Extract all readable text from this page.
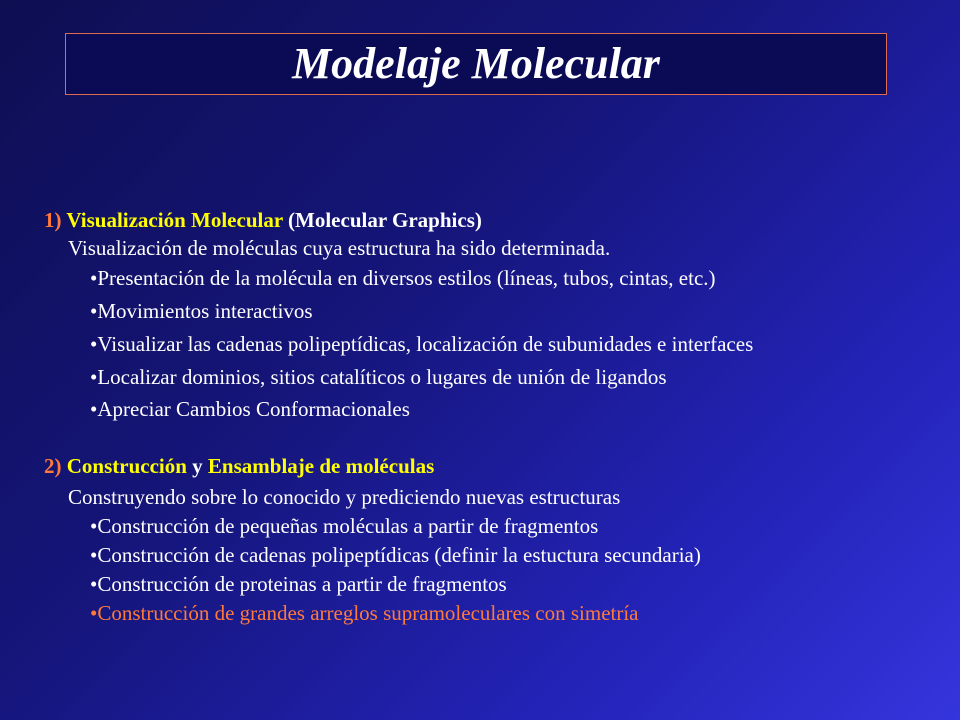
Modelaje Molecular
1) Visualización Molecular (Molecular Graphics)
Visualización de moléculas cuya estructura ha sido determinada.
•Presentación de la molécula en diversos estilos (líneas, tubos, cintas, etc.)
•Movimientos interactivos
•Visualizar las cadenas polipeptídicas, localización de subunidades e interfaces
•Localizar dominios, sitios catalíticos o lugares de unión de ligandos
•Apreciar Cambios Conformacionales
2) Construcción y Ensamblaje de moléculas
Construyendo sobre lo conocido y prediciendo nuevas estructuras
•Construcción de pequeñas moléculas a partir de fragmentos
•Construcción de cadenas polipeptídicas (definir la estuctura secundaria)
•Construcción de proteinas a partir de fragmentos
•Construcción de grandes arreglos supramoleculares con simetría
